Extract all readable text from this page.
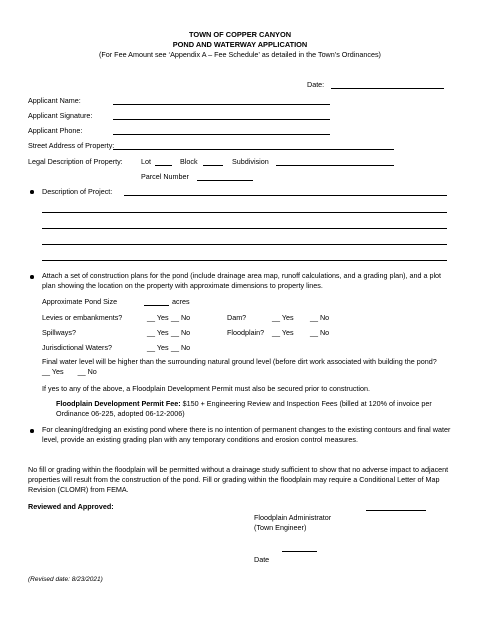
TOWN OF COPPER CANYON
POND AND WATERWAY APPLICATION
(For Fee Amount see ‘Appendix A – Fee Schedule’ as detailed in the Town’s Ordinances)
Date:
Applicant Name:
Applicant Signature:
Applicant Phone:
Street Address of Property:
Legal Description of Property:	Lot	Block	Subdivision
Parcel Number
Description of Project:
Attach a set of construction plans for the pond (include drainage area map, runoff calculations, and a grading plan), and a plot plan showing the location on the property with approximate dimensions to property lines.
Approximate Pond Size	acres
Levies or embankments?	__ Yes __ No	Dam?	__ Yes __ No
Spillways?	__ Yes __ No	Floodplain? __ Yes __ No
Jurisdictional Waters?	__ Yes __ No
Final water level will be higher than the surrounding natural ground level (before dirt work associated with building the pond?  __ Yes __ No
If yes to any of the above, a Floodplain Development Permit must also be secured prior to construction.
Floodplain Development Permit Fee: $150 + Engineering Review and Inspection Fees (billed at 120% of invoice per Ordinance 06-225, adopted 06-12-2006)
For cleaning/dredging an existing pond where there is no intention of permanent changes to the existing contours and final water level, provide an existing grading plan with any temporary conditions and erosion control measures.
No fill or grading within the floodplain will be permitted without a drainage study sufficient to show that no adverse impact to adjacent properties will result from the construction of the pond. Fill or grading within the floodplain may require a Conditional Letter of Map Revision (CLOMR) from FEMA.
Reviewed and Approved:
Floodplain Administrator
(Town Engineer)
Date
(Revised date: 8/23/2021)
